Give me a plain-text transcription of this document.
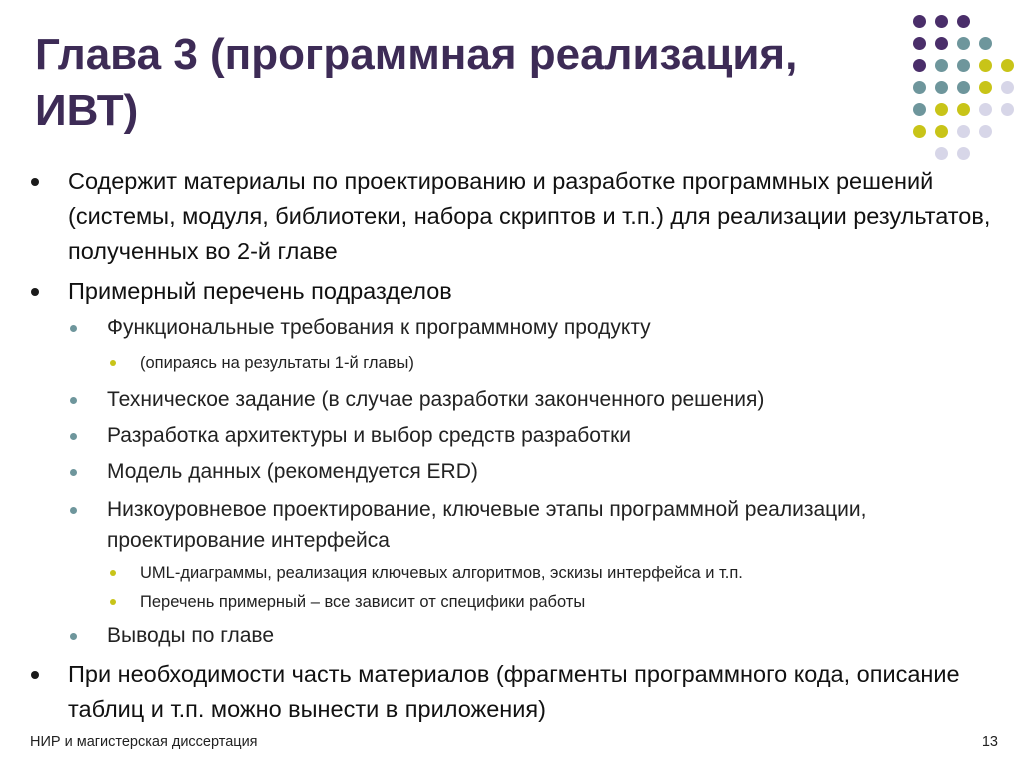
Глава 3 (программная реализация, ИВТ)
Содержит материалы по проектированию и разработке программных решений (системы, модуля, библиотеки, набора скриптов и т.п.) для реализации результатов, полученных во 2-й главе
Примерный перечень подразделов
Функциональные требования к программному продукту
(опираясь на результаты 1-й главы)
Техническое задание (в случае разработки законченного решения)
Разработка архитектуры и выбор средств разработки
Модель данных (рекомендуется ERD)
Низкоуровневое проектирование, ключевые этапы программной реализации, проектирование интерфейса
UML-диаграммы, реализация ключевых алгоритмов, эскизы интерфейса и т.п.
Перечень примерный – все зависит от специфики работы
Выводы по главе
При необходимости часть материалов (фрагменты программного кода, описание таблиц и т.п. можно вынести в приложения)
НИР и магистерская диссертация	13
